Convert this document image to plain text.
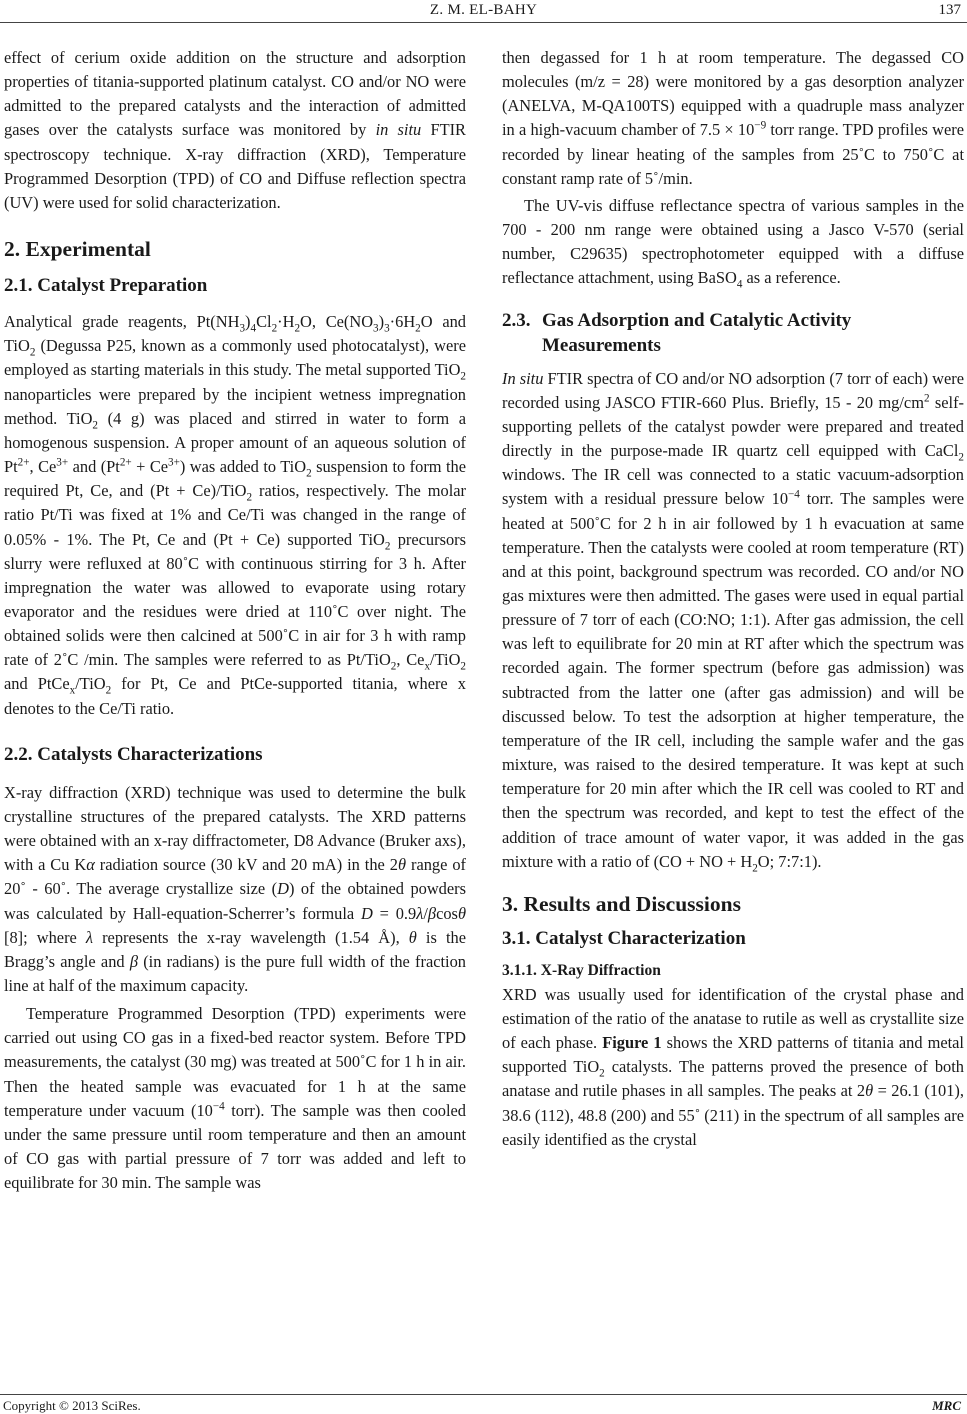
Z. M. EL-BAHY	137

effect of cerium oxide addition on the structure and adsorption properties of titania-supported platinum catalyst. CO and/or NO were admitted to the prepared catalysts and the interaction of admitted gases over the catalysts surface was monitored by in situ FTIR spectroscopy technique. X-ray diffraction (XRD), Temperature Programmed Desorption (TPD) of CO and Diffuse reflection spectra (UV) were used for solid characterization.

2. Experimental
2.1. Catalyst Preparation

Analytical grade reagents, $Pt(NH_3)_4Cl_2\cdot H_2O$, $Ce(NO_3)_3\cdot 6H_2O$ and TiO$_2$ (Degussa P25, known as a commonly used photocatalyst), were employed as starting materials in this study. The metal supported TiO$_2$ nanoparticles were prepared by the incipient wetness impregnation method. TiO$_2$ (4 g) was placed and stirred in water to form a homogenous suspension. A proper amount of an aqueous solution of $Pt^{2+}$, $Ce^{3+}$ and $(Pt^{2+} + Ce^{3+})$ was added to TiO$_2$ suspension to form the required Pt, Ce, and (Pt + Ce)/TiO$_2$ ratios, respectively. The molar ratio Pt/Ti was fixed at 1% and Ce/Ti was changed in the range of 0.05% - 1%. The Pt, Ce and (Pt + Ce) supported TiO$_2$ precursors slurry were refluxed at 80˚C with continuous stirring for 3 h. After impregnation the water was allowed to evaporate using rotary evaporator and the residues were dried at 110˚C over night. The obtained solids were then calcined at 500˚C in air for 3 h with ramp rate of 2˚C /min. The samples were referred to as Pt/TiO$_2$, $Ce_x/TiO_2$ and PtCe$_x$/TiO$_2$ for Pt, Ce and PtCe-supported titania, where x denotes to the Ce/Ti ratio.

2.2. Catalysts Characterizations

X-ray diffraction (XRD) technique was used to determine the bulk crystalline structures of the prepared catalysts. The XRD patterns were obtained with an x-ray diffractometer, D8 Advance (Bruker axs), with a Cu Kα radiation source (30 kV and 20 mA) in the 2θ range of 20˚ - 60˚. The average crystallize size (D) of the obtained powders was calculated by Hall-equation-Scherrer’s formula D = 0.9λ/βcosθ [8]; where λ represents the x-ray wavelength (1.54 Å), θ is the Bragg’s angle and β (in radians) is the pure full width of the fraction line at half of the maximum capacity.

Temperature Programmed Desorption (TPD) experiments were carried out using CO gas in a fixed-bed reactor system. Before TPD measurements, the catalyst (30 mg) was treated at 500˚C for 1 h in air. Then the heated sample was evacuated for 1 h at the same temperature under vacuum ($10^{-4}$ torr). The sample was then cooled under the same pressure until room temperature and then an amount of CO gas with partial pressure of 7 torr was added and left to equilibrate for 30 min. The sample was

then degassed for 1 h at room temperature. The degassed CO molecules (m/z = 28) were monitored by a gas desorption analyzer (ANELVA, M-QA100TS) equipped with a quadruple mass analyzer in a high-vacuum chamber of $7.5 \times 10^{-9}$ torr range. TPD profiles were recorded by linear heating of the samples from 25˚C to 750˚C at constant ramp rate of 5˚/min.

The UV-vis diffuse reflectance spectra of various samples in the 700 - 200 nm range were obtained using a Jasco V-570 (serial number, C29635) spectrophotometer equipped with a diffuse reflectance attachment, using BaSO$_4$ as a reference.

2.3. Gas Adsorption and Catalytic Activity
Measurements

In situ FTIR spectra of CO and/or NO adsorption (7 torr of each) were recorded using JASCO FTIR-660 Plus. Briefly, 15 - 20 $mg/cm^2$ self-supporting pellets of the catalyst powder were prepared and treated directly in the purpose-made IR quartz cell equipped with CaCl$_2$ windows. The IR cell was connected to a static vacuum-adsorption system with a residual pressure below $10^{-4}$ torr. The samples were heated at 500˚C for 2 h in air followed by 1 h evacuation at same temperature. Then the catalysts were cooled at room temperature (RT) and at this point, background spectrum was recorded. CO and/or NO gas mixtures were then admitted. The gases were used in equal partial pressure of 7 torr of each (CO:NO; 1:1). After gas admission, the cell was left to equilibrate for 20 min at RT after which the spectrum was recorded again. The former spectrum (before gas admission) was subtracted from the latter one (after gas admission) and will be discussed below. To test the adsorption at higher temperature, the temperature of the IR cell, including the sample wafer and the gas mixture, was raised to the desired temperature. It was kept at such temperature for 20 min after which the IR cell was cooled to RT and then the spectrum was recorded, and kept to test the effect of the addition of trace amount of water vapor, it was added in the gas mixture with a ratio of (CO + NO + $H_2O$; 7:7:1).

3. Results and Discussions
3.1. Catalyst Characterization
3.1.1. X-Ray Diffraction

XRD was usually used for identification of the crystal phase and estimation of the ratio of the anatase to rutile as well as crystallite size of each phase. Figure 1 shows the XRD patterns of titania and metal supported TiO$_2$ catalysts. The patterns proved the presence of both anatase and rutile phases in all samples. The peaks at 2θ = 26.1 (101), 38.6 (112), 48.8 (200) and 55˚ (211) in the spectrum of all samples are easily identified as the crystal

Copyright © 2013 SciRes.	MRC
